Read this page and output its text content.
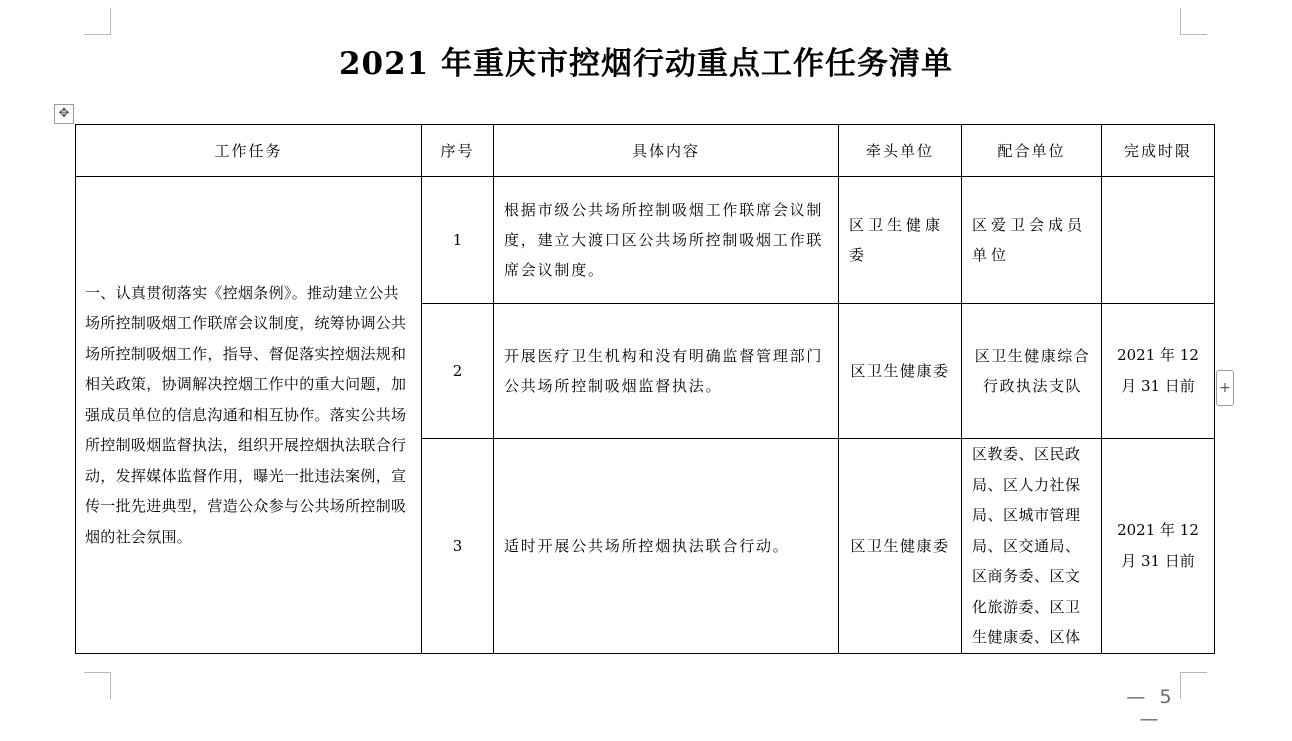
2021 年重庆市控烟行动重点工作任务清单
✥
工作任务	序号	具体内容	牵头单位	配合单位	完成时限
一、认真贯彻落实《控烟条例》。推动建立公共场所控制吸烟工作联席会议制度，统筹协调公共场所控制吸烟工作，指导、督促落实控烟法规和相关政策，协调解决控烟工作中的重大问题，加强成员单位的信息沟通和相互协作。落实公共场所控制吸烟监督执法，组织开展控烟执法联合行动，发挥媒体监督作用，曝光一批违法案例，宣传一批先进典型，营造公众参与公共场所控制吸烟的社会氛围。	1	根据市级公共场所控制吸烟工作联席会议制度，建立大渡口区公共场所控制吸烟工作联席会议制度。	区卫生健康委	区爱卫会成员单位	
	2	开展医疗卫生机构和没有明确监督管理部门公共场所控制吸烟监督执法。	区卫生健康委	区卫生健康综合行政执法支队	2021 年 12 月 31 日前
	3	适时开展公共场所控烟执法联合行动。	区卫生健康委	区教委、区民政局、区人力社保局、区城市管理局、区交通局、区商务委、区文化旅游委、区卫生健康委、区体	2021 年 12 月 31 日前
+
— 5 —
